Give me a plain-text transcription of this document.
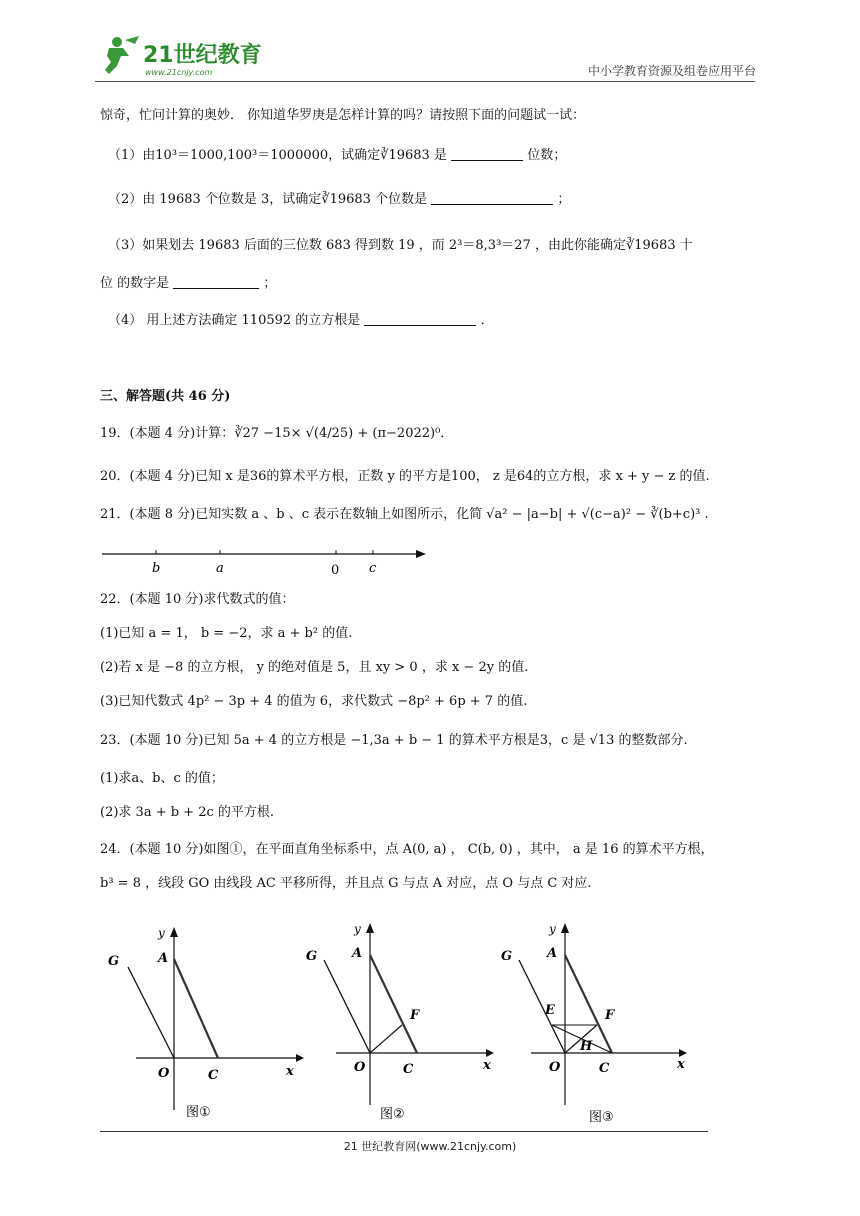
21世纪教育
www.21cnjy.com	中小学教育资源及组卷应用平台
惊奇，忙问计算的奥妙． 你知道华罗庚是怎样计算的吗？请按照下面的问题试一试：
（1）由10³＝1000,100³＝1000000，试确定∛19683 是	位数；
（2）由 19683 个位数是 3，试确定∛19683 个位数是	；
（3）如果划去 19683 后面的三位数 683 得到数 19 ，而 2³＝8,3³＝27 ，由此你能确定∛19683 十
位 的数字是	；
（4） 用上述方法确定 110592 的立方根是	．
三、解答题(共 46 分)
19．(本题 4 分)计算：∛27 −15× √(4/25) + (π−2022)⁰．
20．(本题 4 分)已知 x 是36的算术平方根，正数 y 的平方是100， z 是64的立方根，求 x + y − z 的值.
21．(本题 8 分)已知实数 a 、b 、c 表示在数轴上如图所示，化简 √a² − |a−b| + √(c−a)² − ∛(b+c)³ .
b	a	0 c
22．(本题 10 分)求代数式的值：
(1)已知 a = 1， b = −2，求 a + b² 的值.
(2)若 x 是 −8 的立方根， y 的绝对值是 5，且 xy > 0 ，求 x − 2y 的值.
(3)已知代数式 4p² − 3p + 4 的值为 6，求代数式 −8p² + 6p + 7 的值.
23．(本题 10 分)已知 5a + 4 的立方根是 −1,3a + b − 1 的算术平方根是3，c 是 √13 的整数部分.
(1)求a、b、c 的值；
(2)求 3a + b + 2c 的平方根.
24．(本题 10 分)如图①，在平面直角坐标系中，点 A(0, a) ， C(b, 0) ，其中， a 是 16 的算术平方根，
b³ = 8 ，线段 GO 由线段 AC 平移所得，并且点 G 与点 A 对应，点 O 与点 C 对应.
G	A
O	C	x
y
图①
G	A
F
O	C	x
y
图②
G	A
E	F
H
O	C	x
y
图③
21 世纪教育网(www.21cnjy.com)
